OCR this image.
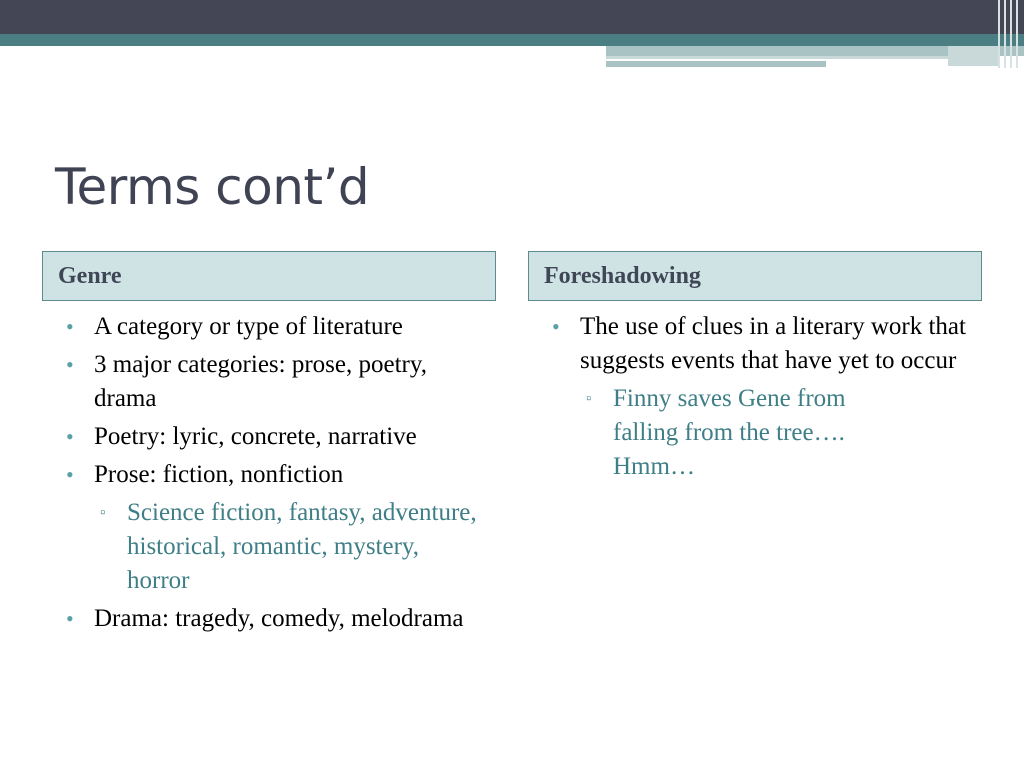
Terms cont’d
Genre	Foreshadowing
• A category or type of literature
• 3 major categories: prose, poetry, drama
• Poetry: lyric, concrete, narrative
• Prose: fiction, nonfiction
▫ Science fiction, fantasy, adventure, historical, romantic, mystery, horror
• Drama: tragedy, comedy, melodrama
• The use of clues in a literary work that suggests events that have yet to occur
▫ Finny saves Gene from falling from the tree…. Hmm…
